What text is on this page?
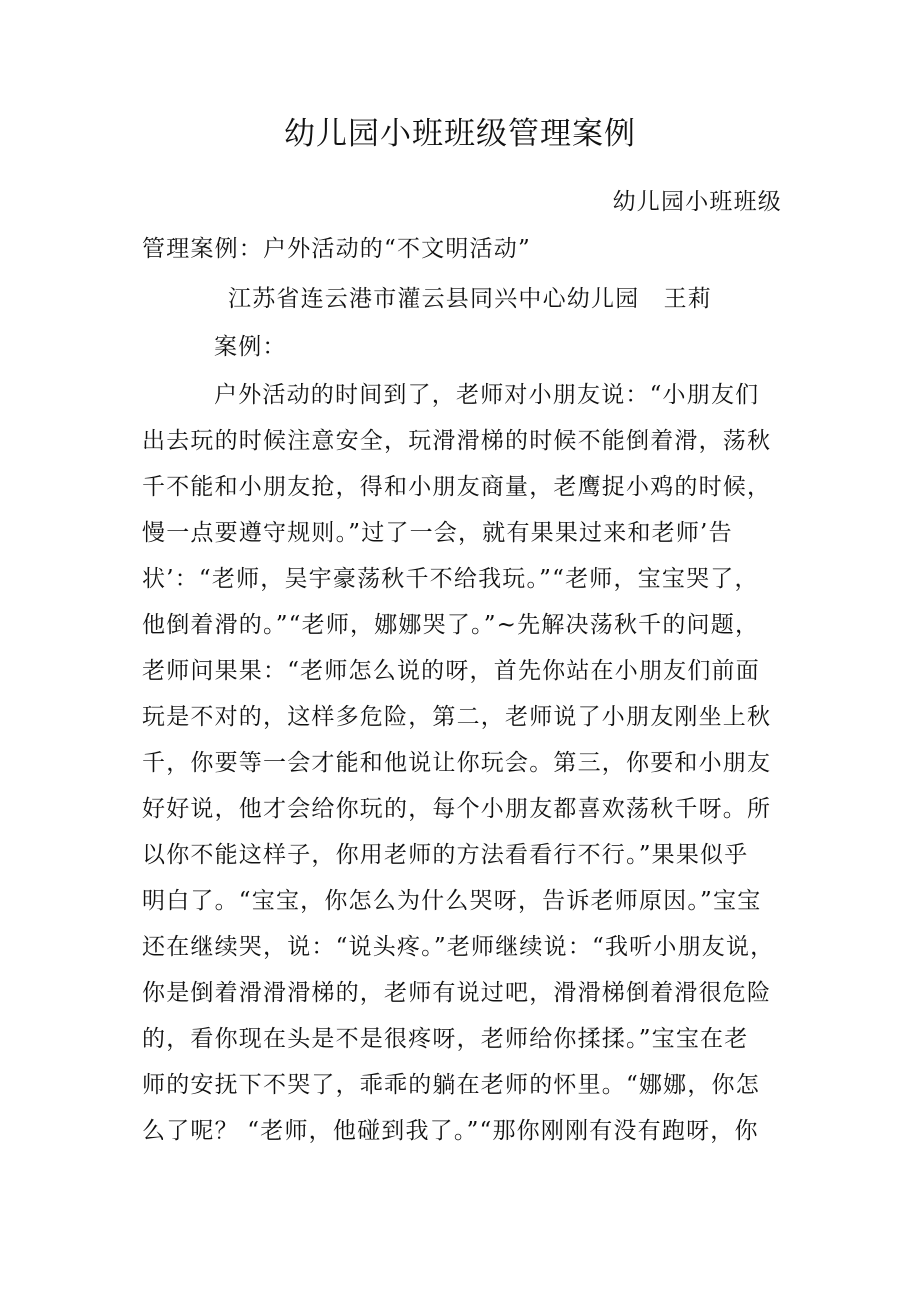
幼儿园小班班级管理案例
幼儿园小班班级
管理案例：户外活动的“不文明活动”
江苏省连云港市灌云县同兴中心幼儿园　王莉
案例：
户外活动的时间到了，老师对小朋友说：“小朋友们
出去玩的时候注意安全，玩滑滑梯的时候不能倒着滑，荡秋
千不能和小朋友抢，得和小朋友商量，老鹰捉小鸡的时候，
慢一点要遵守规则。”过了一会，就有果果过来和老师’告
状’：“老师，吴宇豪荡秋千不给我玩。”“老师，宝宝哭了，
他倒着滑的。”“老师，娜娜哭了。”~先解决荡秋千的问题，
老师问果果：“老师怎么说的呀，首先你站在小朋友们前面
玩是不对的，这样多危险，第二，老师说了小朋友刚坐上秋
千，你要等一会才能和他说让你玩会。第三，你要和小朋友
好好说，他才会给你玩的，每个小朋友都喜欢荡秋千呀。所
以你不能这样子，你用老师的方法看看行不行。”果果似乎
明白了。“宝宝，你怎么为什么哭呀，告诉老师原因。”宝宝
还在继续哭，说：“说头疼。”老师继续说：“我听小朋友说，
你是倒着滑滑滑梯的，老师有说过吧，滑滑梯倒着滑很危险
的，看你现在头是不是很疼呀，老师给你揉揉。”宝宝在老
师的安抚下不哭了，乖乖的躺在老师的怀里。“娜娜，你怎
么了呢？ “老师，他碰到我了。”“那你刚刚有没有跑呀，你
